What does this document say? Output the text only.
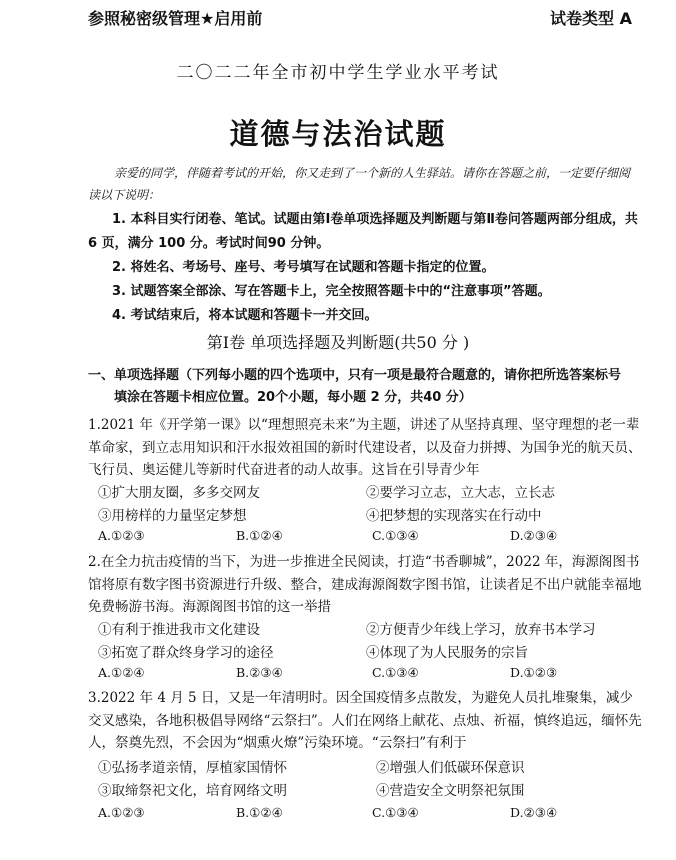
参照秘密级管理★启用前	试卷类型 A
二〇二二年全市初中学生学业水平考试
道德与法治试题
亲爱的同学，伴随着考试的开始，你又走到了一个新的人生驿站。请你在答题之前，一定要仔细阅读以下说明：
1. 本科目实行闭卷、笔试。试题由第Ⅰ卷单项选择题及判断题与第Ⅱ卷问答题两部分组成，共6 页，满分 100 分。考试时间90 分钟。
2. 将姓名、考场号、座号、考号填写在试题和答题卡指定的位置。
3. 试题答案全部涂、写在答题卡上，完全按照答题卡中的“注意事项”答题。
4. 考试结束后，将本试题和答题卡一并交回。
第Ⅰ卷 单项选择题及判断题(共50 分 )
一、单项选择题（下列每小题的四个选项中，只有一项是最符合题意的，请你把所选答案标号
填涂在答题卡相应位置。20个小题，每小题 2 分，共40 分）
1.2021 年《开学第一课》以“理想照亮未来”为主题，讲述了从坚持真理、坚守理想的老一辈革命家，到立志用知识和汗水报效祖国的新时代建设者，以及奋力拼搏、为国争光的航天员、飞行员、奥运健儿等新时代奋进者的动人故事。这旨在引导青少年
①扩大朋友圈，多多交网友	②要学习立志，立大志，立长志
③用榜样的力量坚定梦想	④把梦想的实现落实在行动中
A.①②③	B.①②④	C.①③④	D.②③④
2.在全力抗击疫情的当下，为进一步推进全民阅读，打造“书香聊城”，2022 年，海源阁图书馆将原有数字图书资源进行升级、整合，建成海源阁数字图书馆，让读者足不出户就能幸福地免费畅游书海。海源阁图书馆的这一举措
①有利于推进我市文化建设	②方便青少年线上学习，放弃书本学习
③拓宽了群众终身学习的途径	④体现了为人民服务的宗旨
A.①②④	B.②③④	C.①③④	D.①②③
3.2022 年 4 月 5 日，又是一年清明时。因全国疫情多点散发，为避免人员扎堆聚集，减少交叉感染，各地积极倡导网络“云祭扫”。人们在网络上献花、点烛、祈福，慎终追远，缅怀先人，祭奠先烈，不会因为“烟熏火燎”污染环境。“云祭扫”有利于
①弘扬孝道亲情，厚植家国情怀	②增强人们低碳环保意识
③取缔祭祀文化，培育网络文明	④营造安全文明祭祀氛围
A.①②③	B.①②④	C.①③④	D.②③④
